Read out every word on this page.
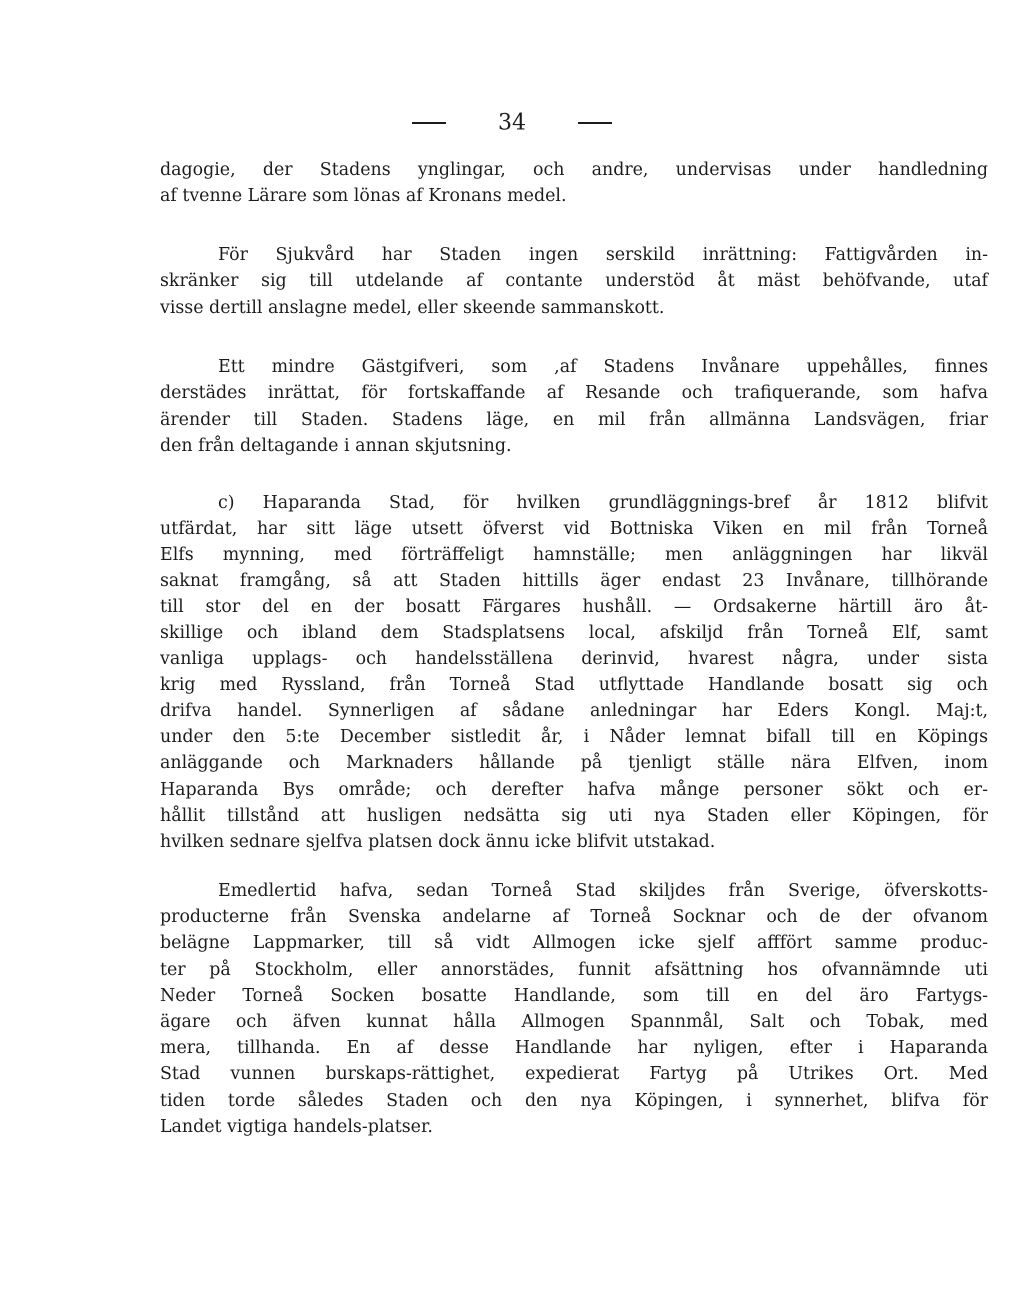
34
dagogie, der Stadens ynglingar, och andre, undervisas under handledning
af tvenne Lärare som lönas af Kronans medel.
För Sjukvård har Staden ingen serskild inrättning: Fattigvården in-
skränker sig till utdelande af contante understöd åt mäst behöfvande, utaf
visse dertill anslagne medel, eller skeende sammanskott.
Ett mindre Gästgifveri, som ,af Stadens Invånare uppehålles, finnes
derstädes inrättat, för fortskaffande af Resande och trafiquerande, som hafva
ärender till Staden. Stadens läge, en mil från allmänna Landsvägen, friar
den från deltagande i annan skjutsning.
c) Haparanda Stad, för hvilken grundläggnings-bref år 1812 blifvit
utfärdat, har sitt läge utsett öfverst vid Bottniska Viken en mil från Torneå
Elfs mynning, med förträffeligt hamnställe; men anläggningen har likväl
saknat framgång, så att Staden hittills äger endast 23 Invånare, tillhörande
till stor del en der bosatt Färgares hushåll. — Ordsakerne härtill äro åt-
skillige och ibland dem Stadsplatsens local, afskiljd från Torneå Elf, samt
vanliga upplags- och handelsställena derinvid, hvarest några, under sista
krig med Ryssland, från Torneå Stad utflyttade Handlande bosatt sig och
drifva handel. Synnerligen af sådane anledningar har Eders Kongl. Maj:t,
under den 5:te December sistledit år, i Nåder lemnat bifall till en Köpings
anläggande och Marknaders hållande på tjenligt ställe nära Elfven, inom
Haparanda Bys område; och derefter hafva månge personer sökt och er-
hållit tillstånd att husligen nedsätta sig uti nya Staden eller Köpingen, för
hvilken sednare sjelfva platsen dock ännu icke blifvit utstakad.
Emedlertid hafva, sedan Torneå Stad skiljdes från Sverige, öfverskotts-
producterne från Svenska andelarne af Torneå Socknar och de der ofvanom
belägne Lappmarker, till så vidt Allmogen icke sjelf afffört samme produc-
ter på Stockholm, eller annorstädes, funnit afsättning hos ofvannämnde uti
Neder Torneå Socken bosatte Handlande, som till en del äro Fartygs-
ägare och äfven kunnat hålla Allmogen Spannmål, Salt och Tobak, med
mera, tillhanda. En af desse Handlande har nyligen, efter i Haparanda
Stad vunnen burskaps-rättighet, expedierat Fartyg på Utrikes Ort. Med
tiden torde således Staden och den nya Köpingen, i synnerhet, blifva för
Landet vigtiga handels-platser.
